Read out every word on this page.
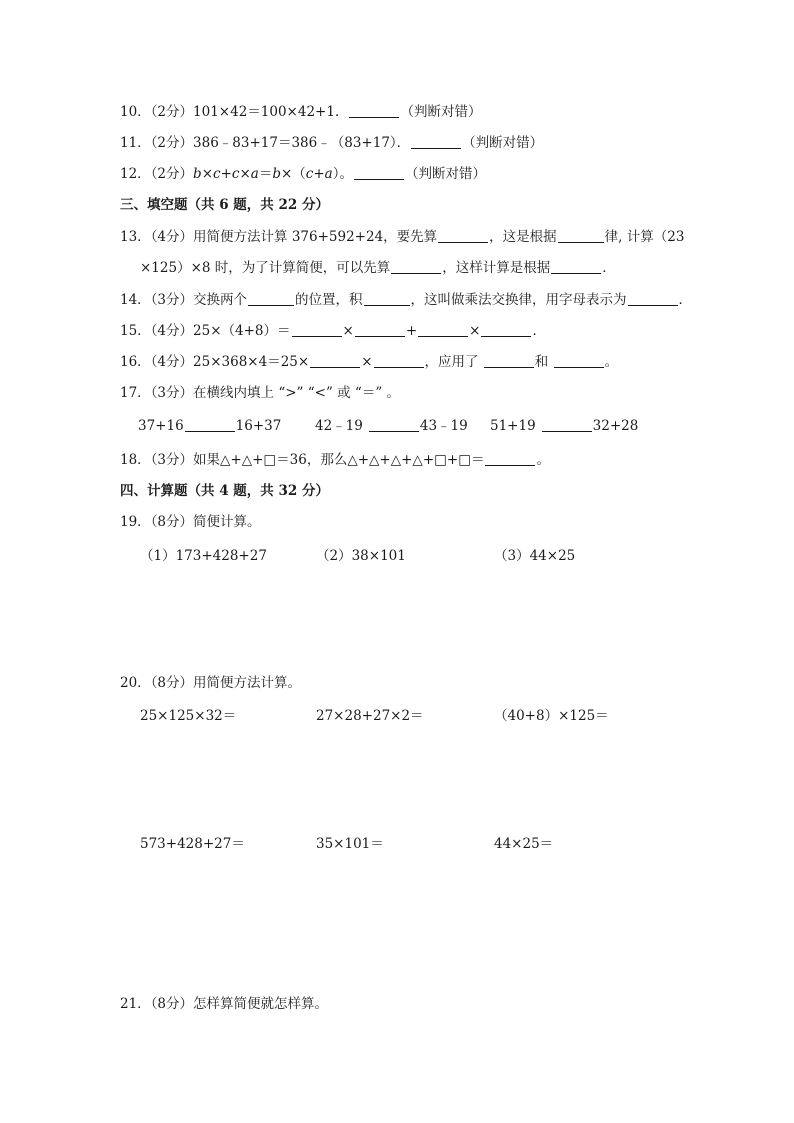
10．（2分）101×42＝100×42+1．	（判断对错）
11．（2分）386﹣83+17＝386﹣（83+17）．	（判断对错）
12．（2分）b×c+c×a＝b×（c+a）。	（判断对错）
三、填空题（共 6 题，共 22 分）
13．（4分）用简便方法计算 376+592+24，要先算	，这是根据	律, 计算（23
×125）×8 时，为了计算简便，可以先算	，这样计算是根据	．
14．（3分）交换两个	的位置，积	，这叫做乘法交换律，用字母表示为	．
15．（4分）25×（4+8）＝	×	+	×	．
16．（4分）25×368×4＝25×	×	，应用了	和	。
17．（3分）在横线内填上 “>” “<” 或 “＝” 。
37+16	16+37 42﹣19	43﹣19 51+19	32+28
18．（3分）如果△+△+□＝36，那么△+△+△+△+□+□＝	。
四、计算题（共 4 题，共 32 分）
19．（8分）简便计算。
（1）173+428+27	（2）38×101	（3）44×25
20．（8分）用简便方法计算。
25×125×32＝	27×28+27×2＝	（40+8）×125＝
573+428+27＝	35×101＝	44×25＝
21．（8分）怎样算简便就怎样算。
